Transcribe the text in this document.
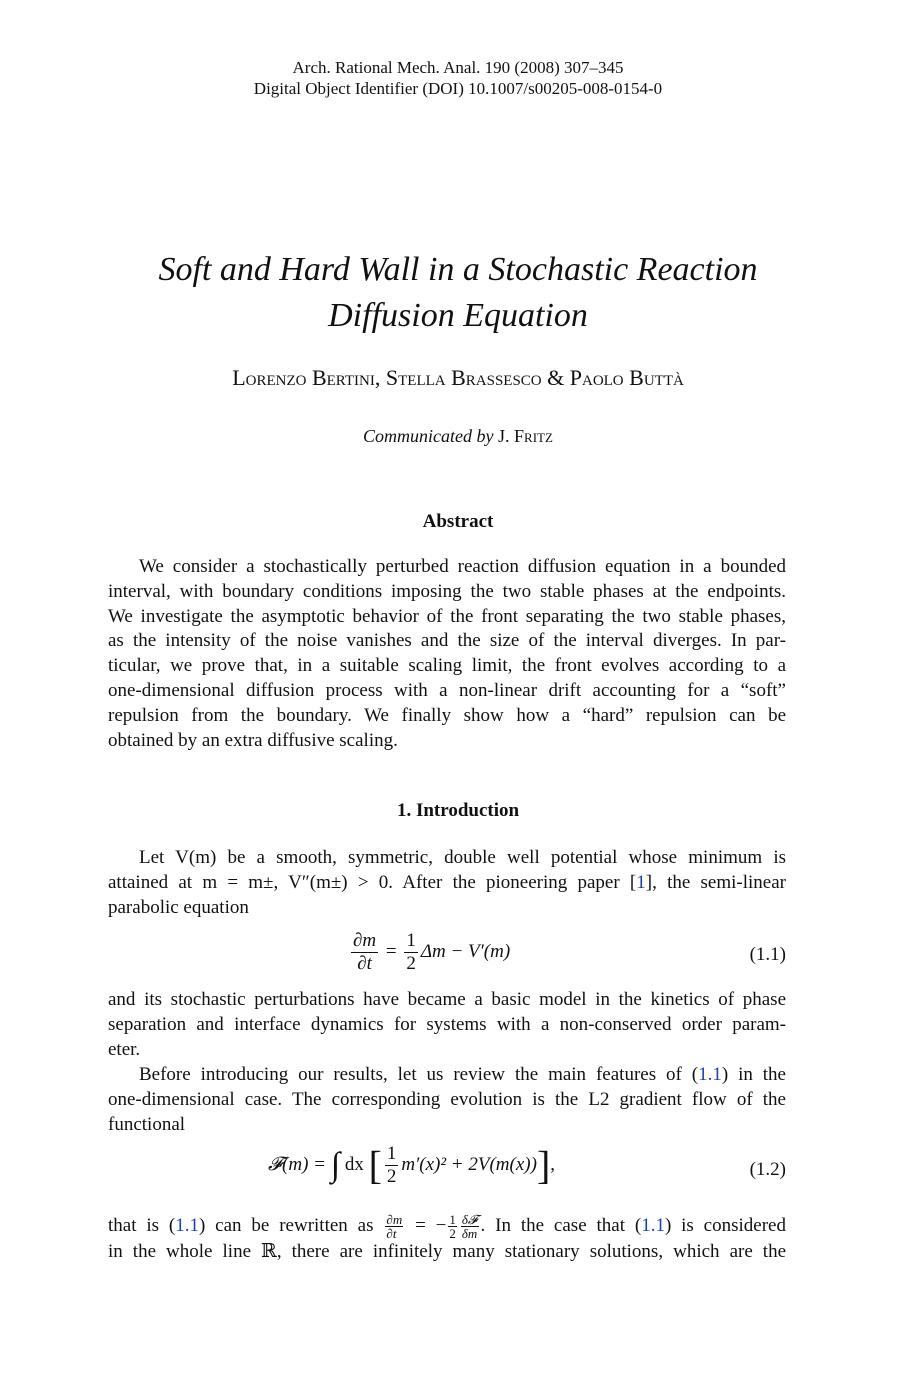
Arch. Rational Mech. Anal. 190 (2008) 307–345
Digital Object Identifier (DOI) 10.1007/s00205-008-0154-0
Soft and Hard Wall in a Stochastic Reaction
Diffusion Equation
Lorenzo Bertini, Stella Brassesco & Paolo Buttà
Communicated by J. Fritz
Abstract
We consider a stochastically perturbed reaction diffusion equation in a bounded
interval, with boundary conditions imposing the two stable phases at the endpoints.
We investigate the asymptotic behavior of the front separating the two stable phases,
as the intensity of the noise vanishes and the size of the interval diverges. In par-
ticular, we prove that, in a suitable scaling limit, the front evolves according to a
one-dimensional diffusion process with a non-linear drift accounting for a “soft”
repulsion from the boundary. We finally show how a “hard” repulsion can be
obtained by an extra diffusive scaling.
1. Introduction
Let V(m) be a smooth, symmetric, double well potential whose minimum is
attained at m = m±, V″(m±) > 0. After the pioneering paper [1], the semi-linear
parabolic equation
$\frac{\partial m}{\partial t} = \frac{1}{2}$ Δm − V′(m)	(1.1)
and its stochastic perturbations have became a basic model in the kinetics of phase
separation and interface dynamics for systems with a non-conserved order param-
eter.
Before introducing our results, let us review the main features of (1.1) in the
one-dimensional case. The corresponding evolution is the L2 gradient flow of the
functional
𝓕(m) = ∫ dx [ $\frac{1}{2} m'(x)^2 + 2V(m(x))$],	(1.2)
that is (1.1) can be rewritten as $\frac{\partial m}{\partial t}$ = − $\frac{1}{2} \frac{\text{δ𝓕}}{\delta m}$ . In the case that (1.1) is considered
in the whole line ℝ, there are infinitely many stationary solutions, which are the
